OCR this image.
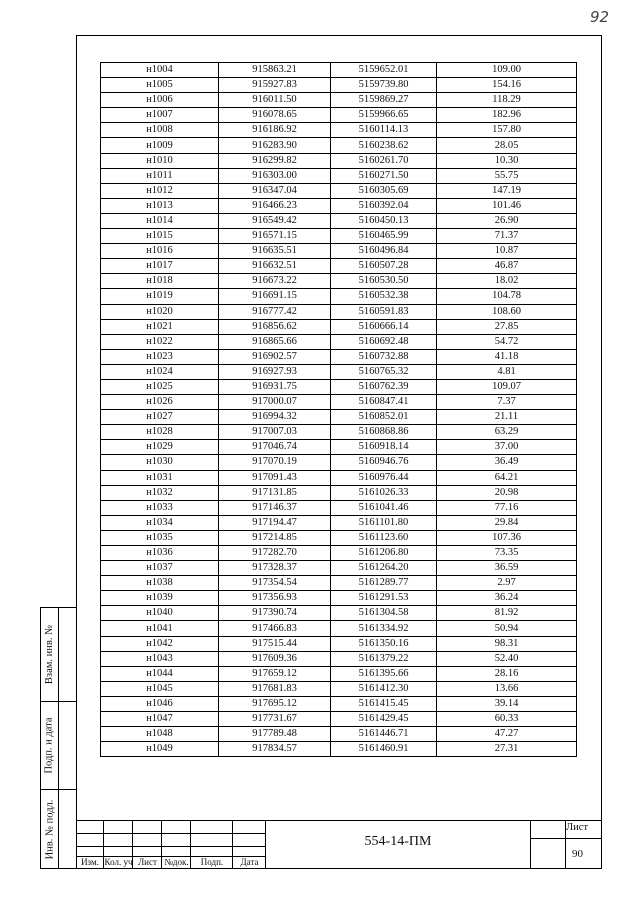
92
Взам. инв. №
Подп. и дата
Инв. № подл.
н1004	915863.21	5159652.01	109.00
н1005	915927.83	5159739.80	154.16
н1006	916011.50	5159869.27	118.29
н1007	916078.65	5159966.65	182.96
н1008	916186.92	5160114.13	157.80
н1009	916283.90	5160238.62	28.05
н1010	916299.82	5160261.70	10.30
н1011	916303.00	5160271.50	55.75
н1012	916347.04	5160305.69	147.19
н1013	916466.23	5160392.04	101.46
н1014	916549.42	5160450.13	26.90
н1015	916571.15	5160465.99	71.37
н1016	916635.51	5160496.84	10.87
н1017	916632.51	5160507.28	46.87
н1018	916673.22	5160530.50	18.02
н1019	916691.15	5160532.38	104.78
н1020	916777.42	5160591.83	108.60
н1021	916856.62	5160666.14	27.85
н1022	916865.66	5160692.48	54.72
н1023	916902.57	5160732.88	41.18
н1024	916927.93	5160765.32	4.81
н1025	916931.75	5160762.39	109.07
н1026	917000.07	5160847.41	7.37
н1027	916994.32	5160852.01	21.11
н1028	917007.03	5160868.86	63.29
н1029	917046.74	5160918.14	37.00
н1030	917070.19	5160946.76	36.49
н1031	917091.43	5160976.44	64.21
н1032	917131.85	5161026.33	20.98
н1033	917146.37	5161041.46	77.16
н1034	917194.47	5161101.80	29.84
н1035	917214.85	5161123.60	107.36
н1036	917282.70	5161206.80	73.35
н1037	917328.37	5161264.20	36.59
н1038	917354.54	5161289.77	2.97
н1039	917356.93	5161291.53	36.24
н1040	917390.74	5161304.58	81.92
н1041	917466.83	5161334.92	50.94
н1042	917515.44	5161350.16	98.31
н1043	917609.36	5161379.22	52.40
н1044	917659.12	5161395.66	28.16
н1045	917681.83	5161412.30	13.66
н1046	917695.12	5161415.45	39.14
н1047	917731.67	5161429.45	60.33
н1048	917789.48	5161446.71	47.27
н1049	917834.57	5161460.91	27.31
Изм. Кол. уч Лист №док.	Подп.	Дата
554-14-ПМ
Лист
90
